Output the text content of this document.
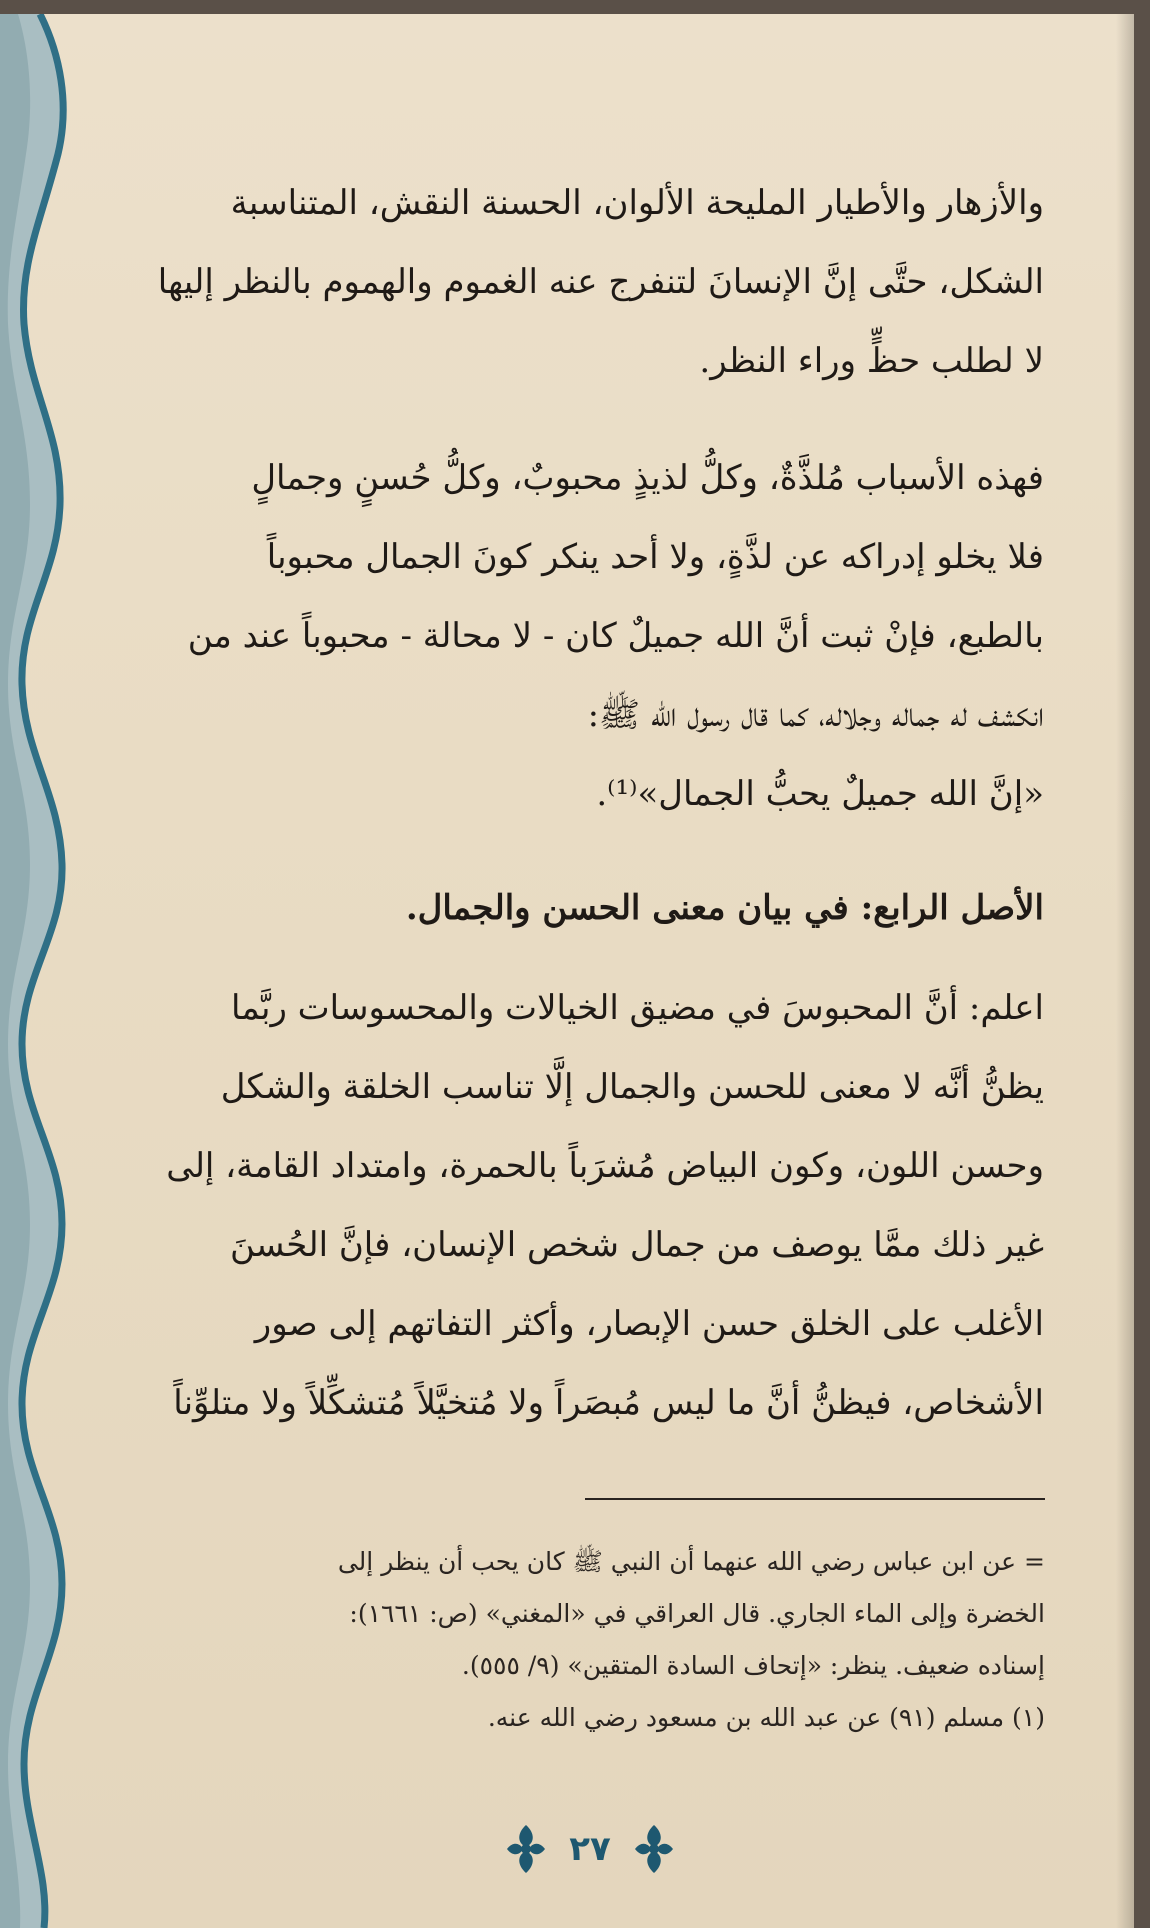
والأزهار والأطيار المليحة الألوان، الحسنة النقش، المتناسبة

الشكل، حتَّى إنَّ الإنسانَ لتنفرج عنه الغموم والهموم بالنظر إليها

لا لطلب حظٍّ وراء النظر.

فهذه الأسباب مُلذَّةٌ، وكلُّ لذيذٍ محبوبٌ، وكلُّ حُسنٍ وجمالٍ

فلا يخلو إدراكه عن لذَّةٍ، ولا أحد ينكر كونَ الجمال محبوباً

بالطبع، فإنْ ثبت أنَّ الله جميلٌ كان - لا محالة - محبوباً عند من

انكشف له جماله وجلاله، كما قال رسول الله ﷺ:

«إنَّ الله جميلٌ يحبُّ الجمال»⁽¹⁾.

الأصل الرابع: في بيان معنى الحسن والجمال.

اعلم: أنَّ المحبوسَ في مضيق الخيالات والمحسوسات ربَّما

يظنُّ أنَّه لا معنى للحسن والجمال إلَّا تناسب الخلقة والشكل

وحسن اللون، وكون البياض مُشرَباً بالحمرة، وامتداد القامة، إلى

غير ذلك ممَّا يوصف من جمال شخص الإنسان، فإنَّ الحُسنَ

الأغلب على الخلق حسن الإبصار، وأكثر التفاتهم إلى صور

الأشخاص، فيظنُّ أنَّ ما ليس مُبصَراً ولا مُتخيَّلاً مُتشكِّلاً ولا متلوِّناً

= عن ابن عباس رضي الله عنهما أن النبي ﷺ كان يحب أن ينظر إلى

الخضرة وإلى الماء الجاري. قال العراقي في «المغني» (ص: ١٦٦١):

إسناده ضعيف. ينظر: «إتحاف السادة المتقين» (٩/ ٥٥٥).

(١) مسلم (٩١) عن عبد الله بن مسعود رضي الله عنه.

٢٧
